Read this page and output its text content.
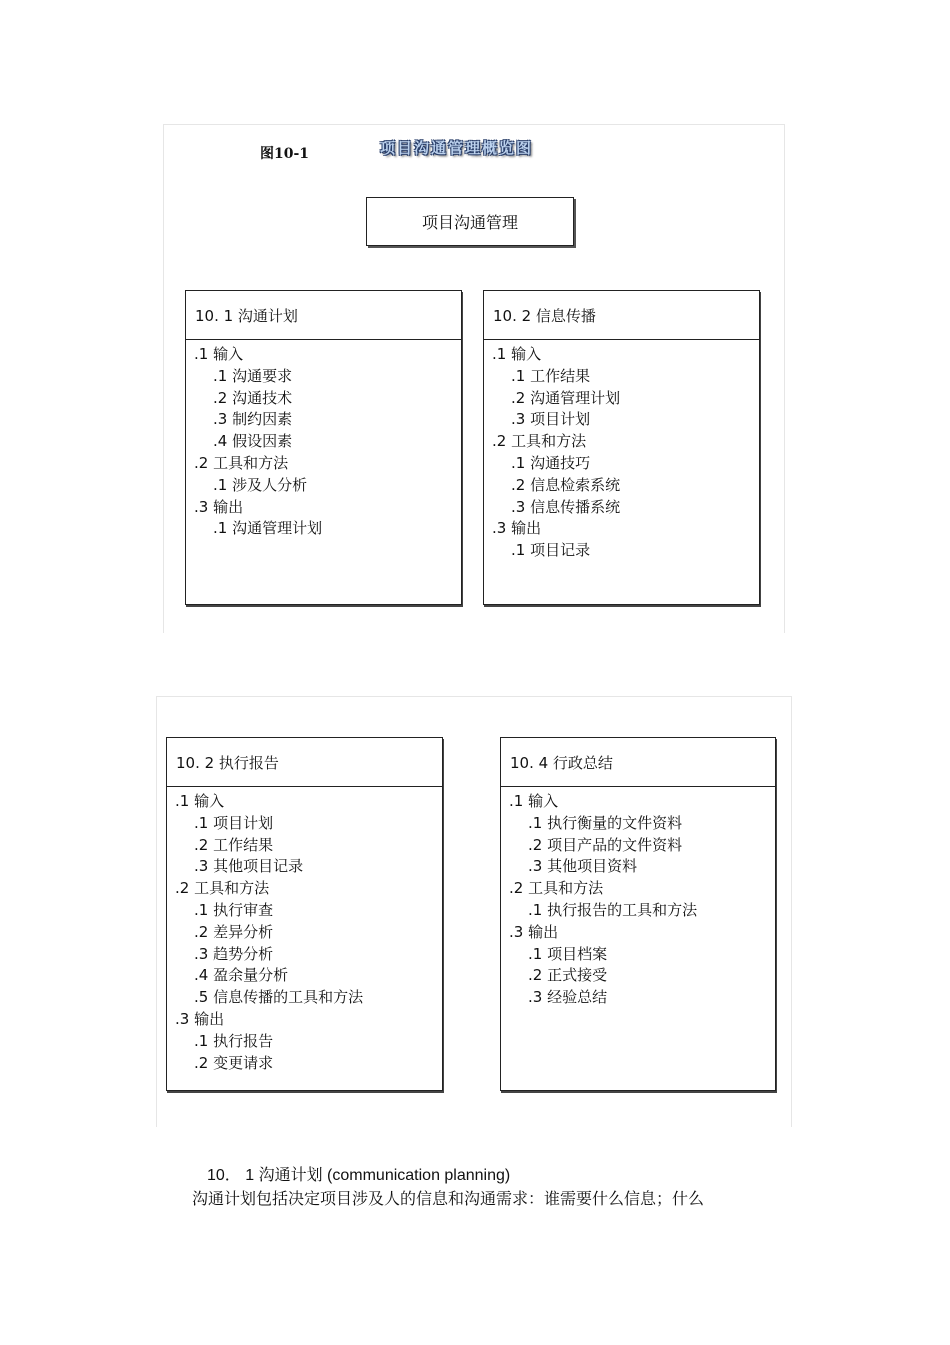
图10-1	项目沟通管理概览图
项目沟通管理
10. 1 沟通计划
.1 输入
.1 沟通要求
.2 沟通技术
.3 制约因素
.4 假设因素
.2 工具和方法
.1 涉及人分析
.3 输出
.1 沟通管理计划
10. 2 信息传播
.1 输入
.1 工作结果
.2 沟通管理计划
.3 项目计划
.2 工具和方法
.1 沟通技巧
.2 信息检索系统
.3 信息传播系统
.3 输出
.1 项目记录
10. 2 执行报告
.1 输入
.1 项目计划
.2 工作结果
.3 其他项目记录
.2 工具和方法
.1 执行审查
.2 差异分析
.3 趋势分析
.4 盈余量分析
.5 信息传播的工具和方法
.3 输出
.1 执行报告
.2 变更请求
10. 4 行政总结
.1 输入
.1 执行衡量的文件资料
.2 项目产品的文件资料
.3 其他项目资料
.2 工具和方法
.1 执行报告的工具和方法
.3 输出
.1 项目档案
.2 正式接受
.3 经验总结
10． 1 沟通计划 (communication planning)
沟通计划包括决定项目涉及人的信息和沟通需求：谁需要什么信息；什么
